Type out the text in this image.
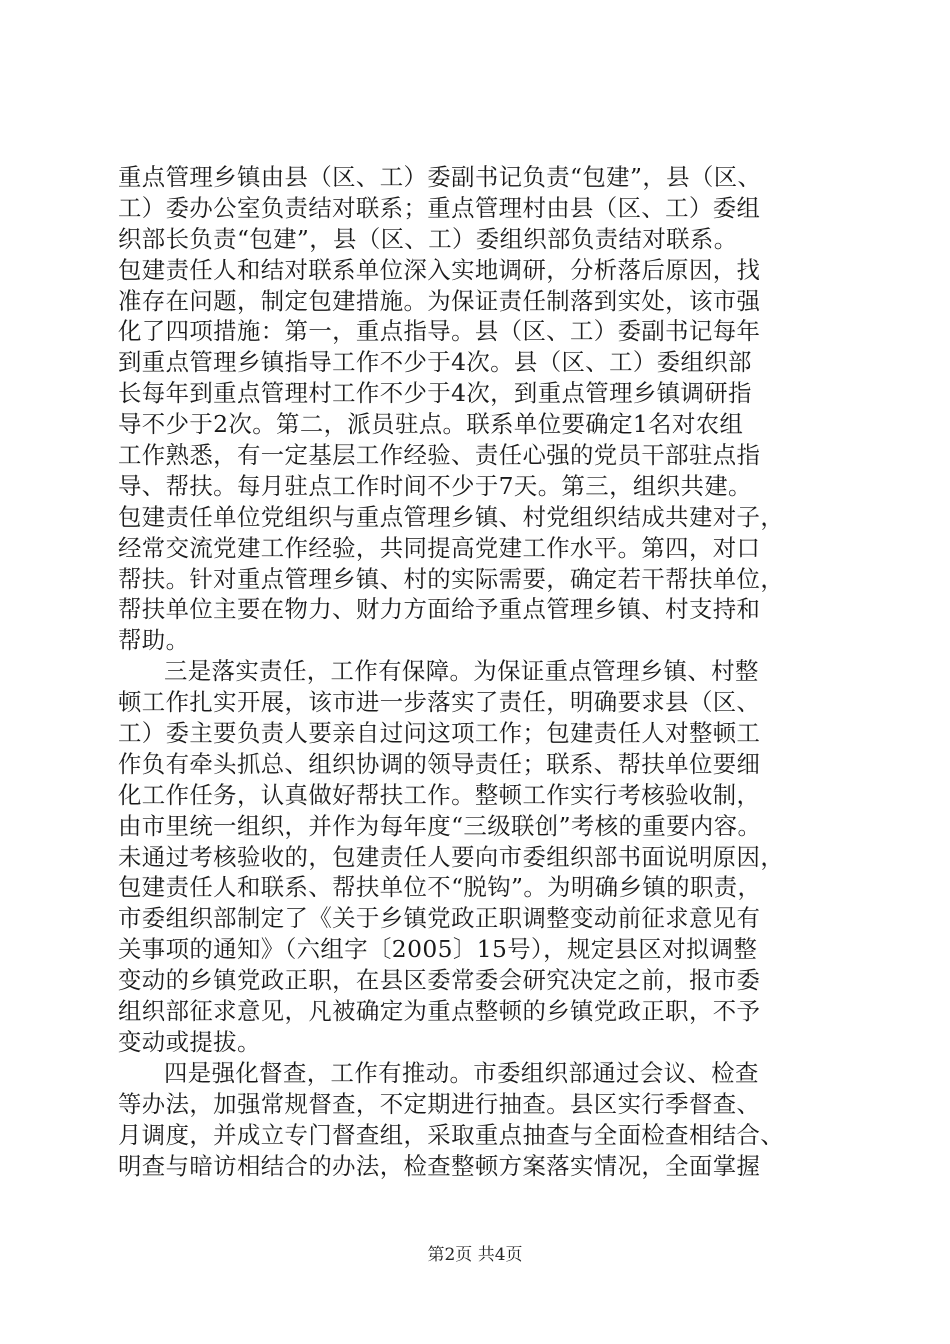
重点管理乡镇由县（区、工）委副书记负责“包建”，县（区、
工）委办公室负责结对联系；重点管理村由县（区、工）委组
织部长负责“包建”，县（区、工）委组织部负责结对联系。
包建责任人和结对联系单位深入实地调研，分析落后原因，找
准存在问题，制定包建措施。为保证责任制落到实处，该市强
化了四项措施：第一，重点指导。县（区、工）委副书记每年
到重点管理乡镇指导工作不少于4次。县（区、工）委组织部
长每年到重点管理村工作不少于4次，到重点管理乡镇调研指
导不少于2次。第二，派员驻点。联系单位要确定1名对农组
工作熟悉，有一定基层工作经验、责任心强的党员干部驻点指
导、帮扶。每月驻点工作时间不少于7天。第三，组织共建。
包建责任单位党组织与重点管理乡镇、村党组织结成共建对子，
经常交流党建工作经验，共同提高党建工作水平。第四，对口
帮扶。针对重点管理乡镇、村的实际需要，确定若干帮扶单位，
帮扶单位主要在物力、财力方面给予重点管理乡镇、村支持和
帮助。
三是落实责任，工作有保障。为保证重点管理乡镇、村整
顿工作扎实开展，该市进一步落实了责任，明确要求县（区、
工）委主要负责人要亲自过问这项工作；包建责任人对整顿工
作负有牵头抓总、组织协调的领导责任；联系、帮扶单位要细
化工作任务，认真做好帮扶工作。整顿工作实行考核验收制，
由市里统一组织，并作为每年度“三级联创”考核的重要内容。
未通过考核验收的，包建责任人要向市委组织部书面说明原因，
包建责任人和联系、帮扶单位不“脱钩”。为明确乡镇的职责，
市委组织部制定了《关于乡镇党政正职调整变动前征求意见有
关事项的通知》（六组字〔2005〕15号），规定县区对拟调整
变动的乡镇党政正职，在县区委常委会研究决定之前，报市委
组织部征求意见，凡被确定为重点整顿的乡镇党政正职，不予
变动或提拔。
四是强化督查，工作有推动。市委组织部通过会议、检查
等办法，加强常规督查，不定期进行抽查。县区实行季督查、
月调度，并成立专门督查组，采取重点抽查与全面检查相结合、
明查与暗访相结合的办法，检查整顿方案落实情况，全面掌握
第2页 共4页
